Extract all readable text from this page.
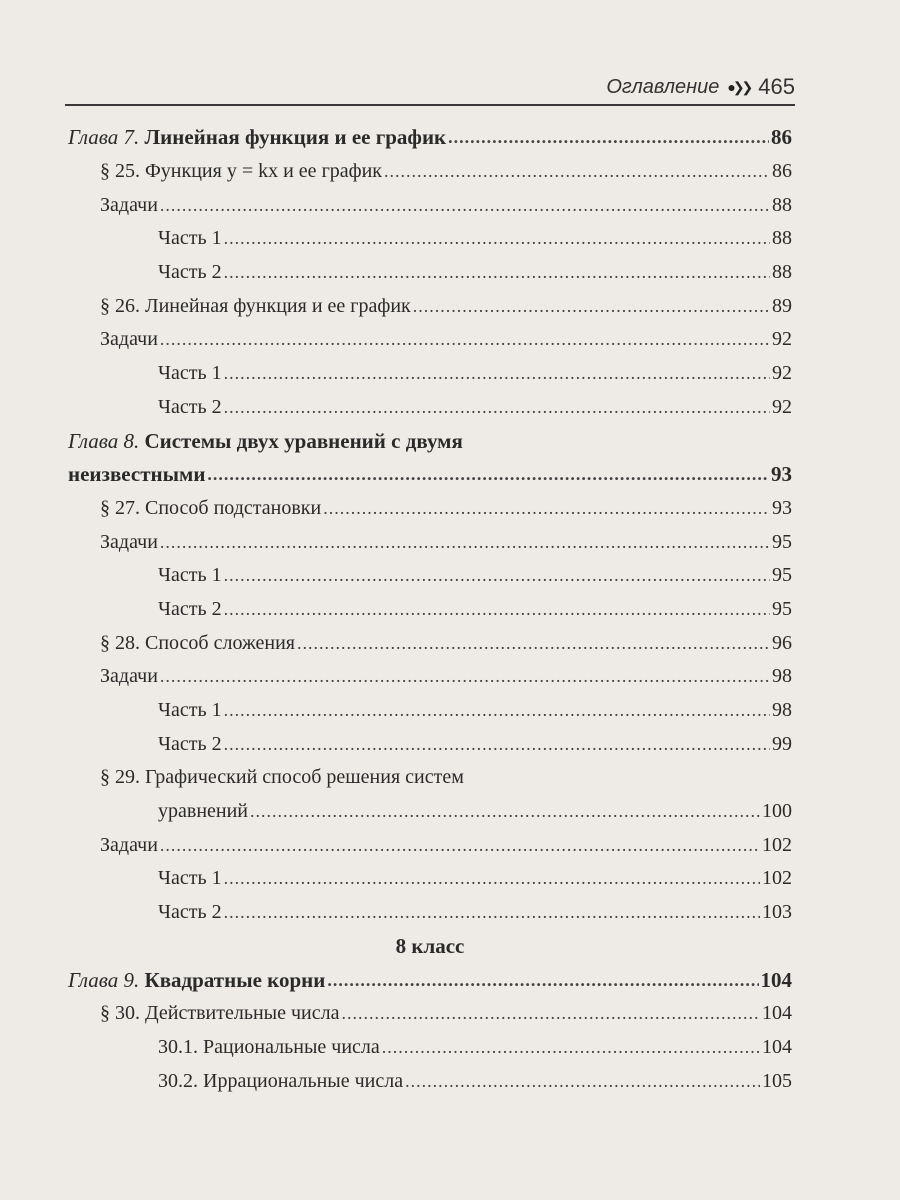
Оглавление ●❯❯ 465
Глава 7. Линейная функция и ее график .....	86
§ 25. Функция y = kx и ее график .....	86
Задачи .....	88
Часть 1 .....	88
Часть 2 .....	88
§ 26. Линейная функция и ее график .....	89
Задачи .....	92
Часть 1 .....	92
Часть 2 .....	92
Глава 8. Системы двух уравнений с двумя
неизвестными .....	93
§ 27. Способ подстановки .....	93
Задачи .....	95
Часть 1 .....	95
Часть 2 .....	95
§ 28. Способ сложения .....	96
Задачи .....	98
Часть 1 .....	98
Часть 2 .....	99
§ 29. Графический способ решения систем
уравнений .....	100
Задачи .....	102
Часть 1 .....	102
Часть 2 .....	103
8 класс
Глава 9. Квадратные корни .....	104
§ 30. Действительные числа .....	104
30.1. Рациональные числа .....	104
30.2. Иррациональные числа .....	105
